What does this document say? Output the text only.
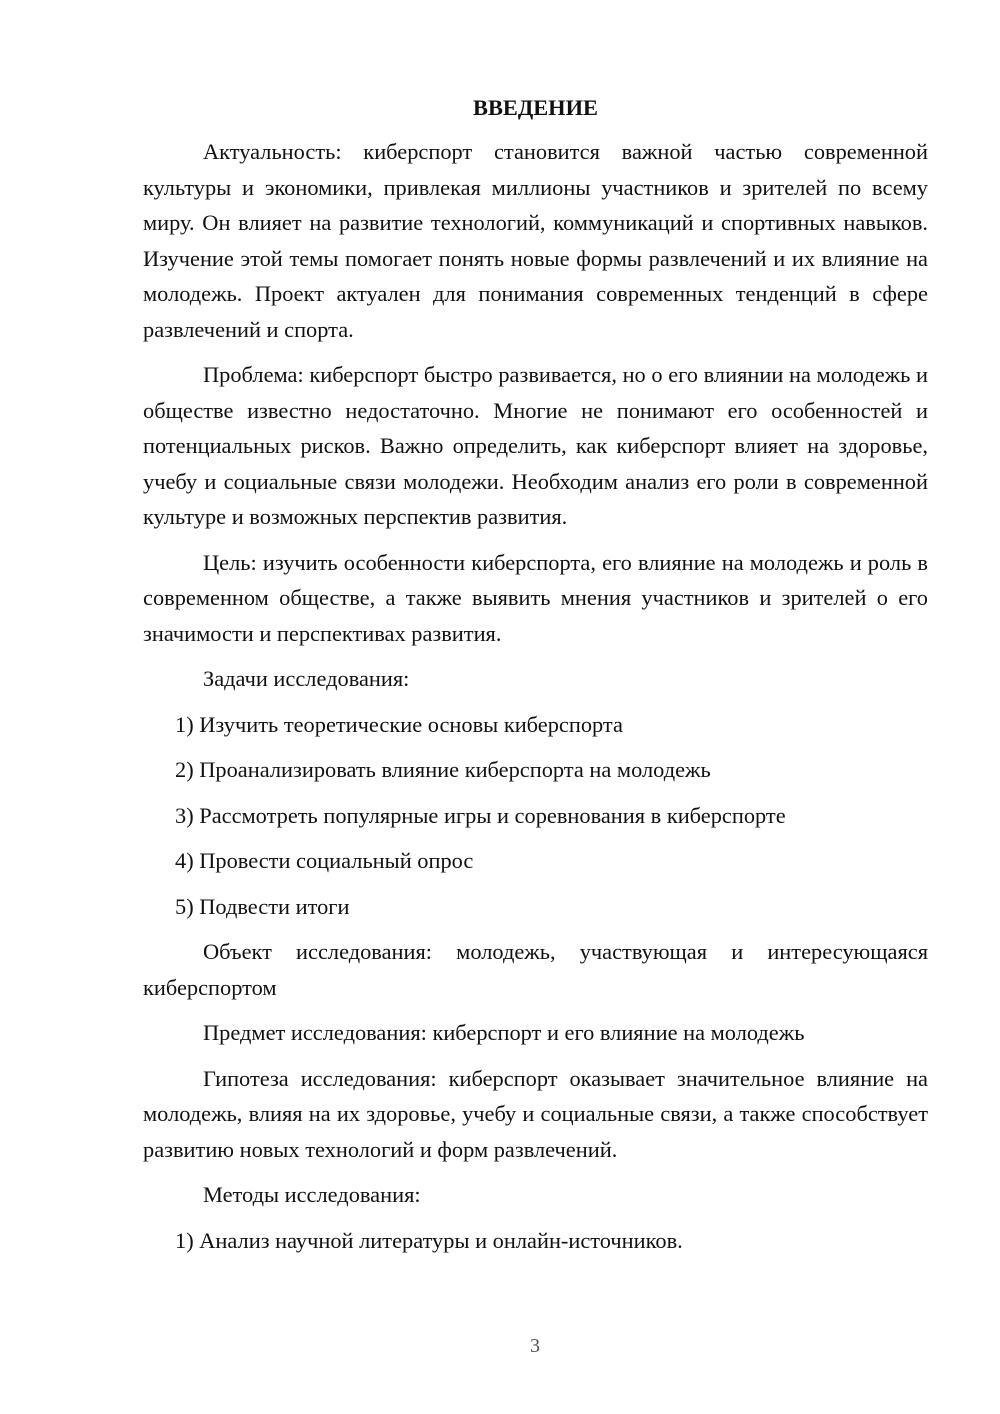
ВВЕДЕНИЕ

Актуальность: киберспорт становится важной частью современной культуры и экономики, привлекая миллионы участников и зрителей по всему миру. Он влияет на развитие технологий, коммуникаций и спортивных навыков. Изучение этой темы помогает понять новые формы развлечений и их влияние на молодежь. Проект актуален для понимания современных тенденций в сфере развлечений и спорта.

Проблема: киберспорт быстро развивается, но о его влиянии на молодежь и обществе известно недостаточно. Многие не понимают его особенностей и потенциальных рисков. Важно определить, как киберспорт влияет на здоровье, учебу и социальные связи молодежи. Необходим анализ его роли в современной культуре и возможных перспектив развития.

Цель: изучить особенности киберспорта, его влияние на молодежь и роль в современном обществе, а также выявить мнения участников и зрителей о его значимости и перспективах развития.

Задачи исследования:

1) Изучить теоретические основы киберспорта

2) Проанализировать влияние киберспорта на молодежь

3) Рассмотреть популярные игры и соревнования в киберспорте

4) Провести социальный опрос

5) Подвести итоги

Объект исследования: молодежь, участвующая и интересующаяся киберспортом

Предмет исследования: киберспорт и его влияние на молодежь

Гипотеза исследования: киберспорт оказывает значительное влияние на молодежь, влияя на их здоровье, учебу и социальные связи, а также способствует развитию новых технологий и форм развлечений.

Методы исследования:

1) Анализ научной литературы и онлайн-источников.

3
